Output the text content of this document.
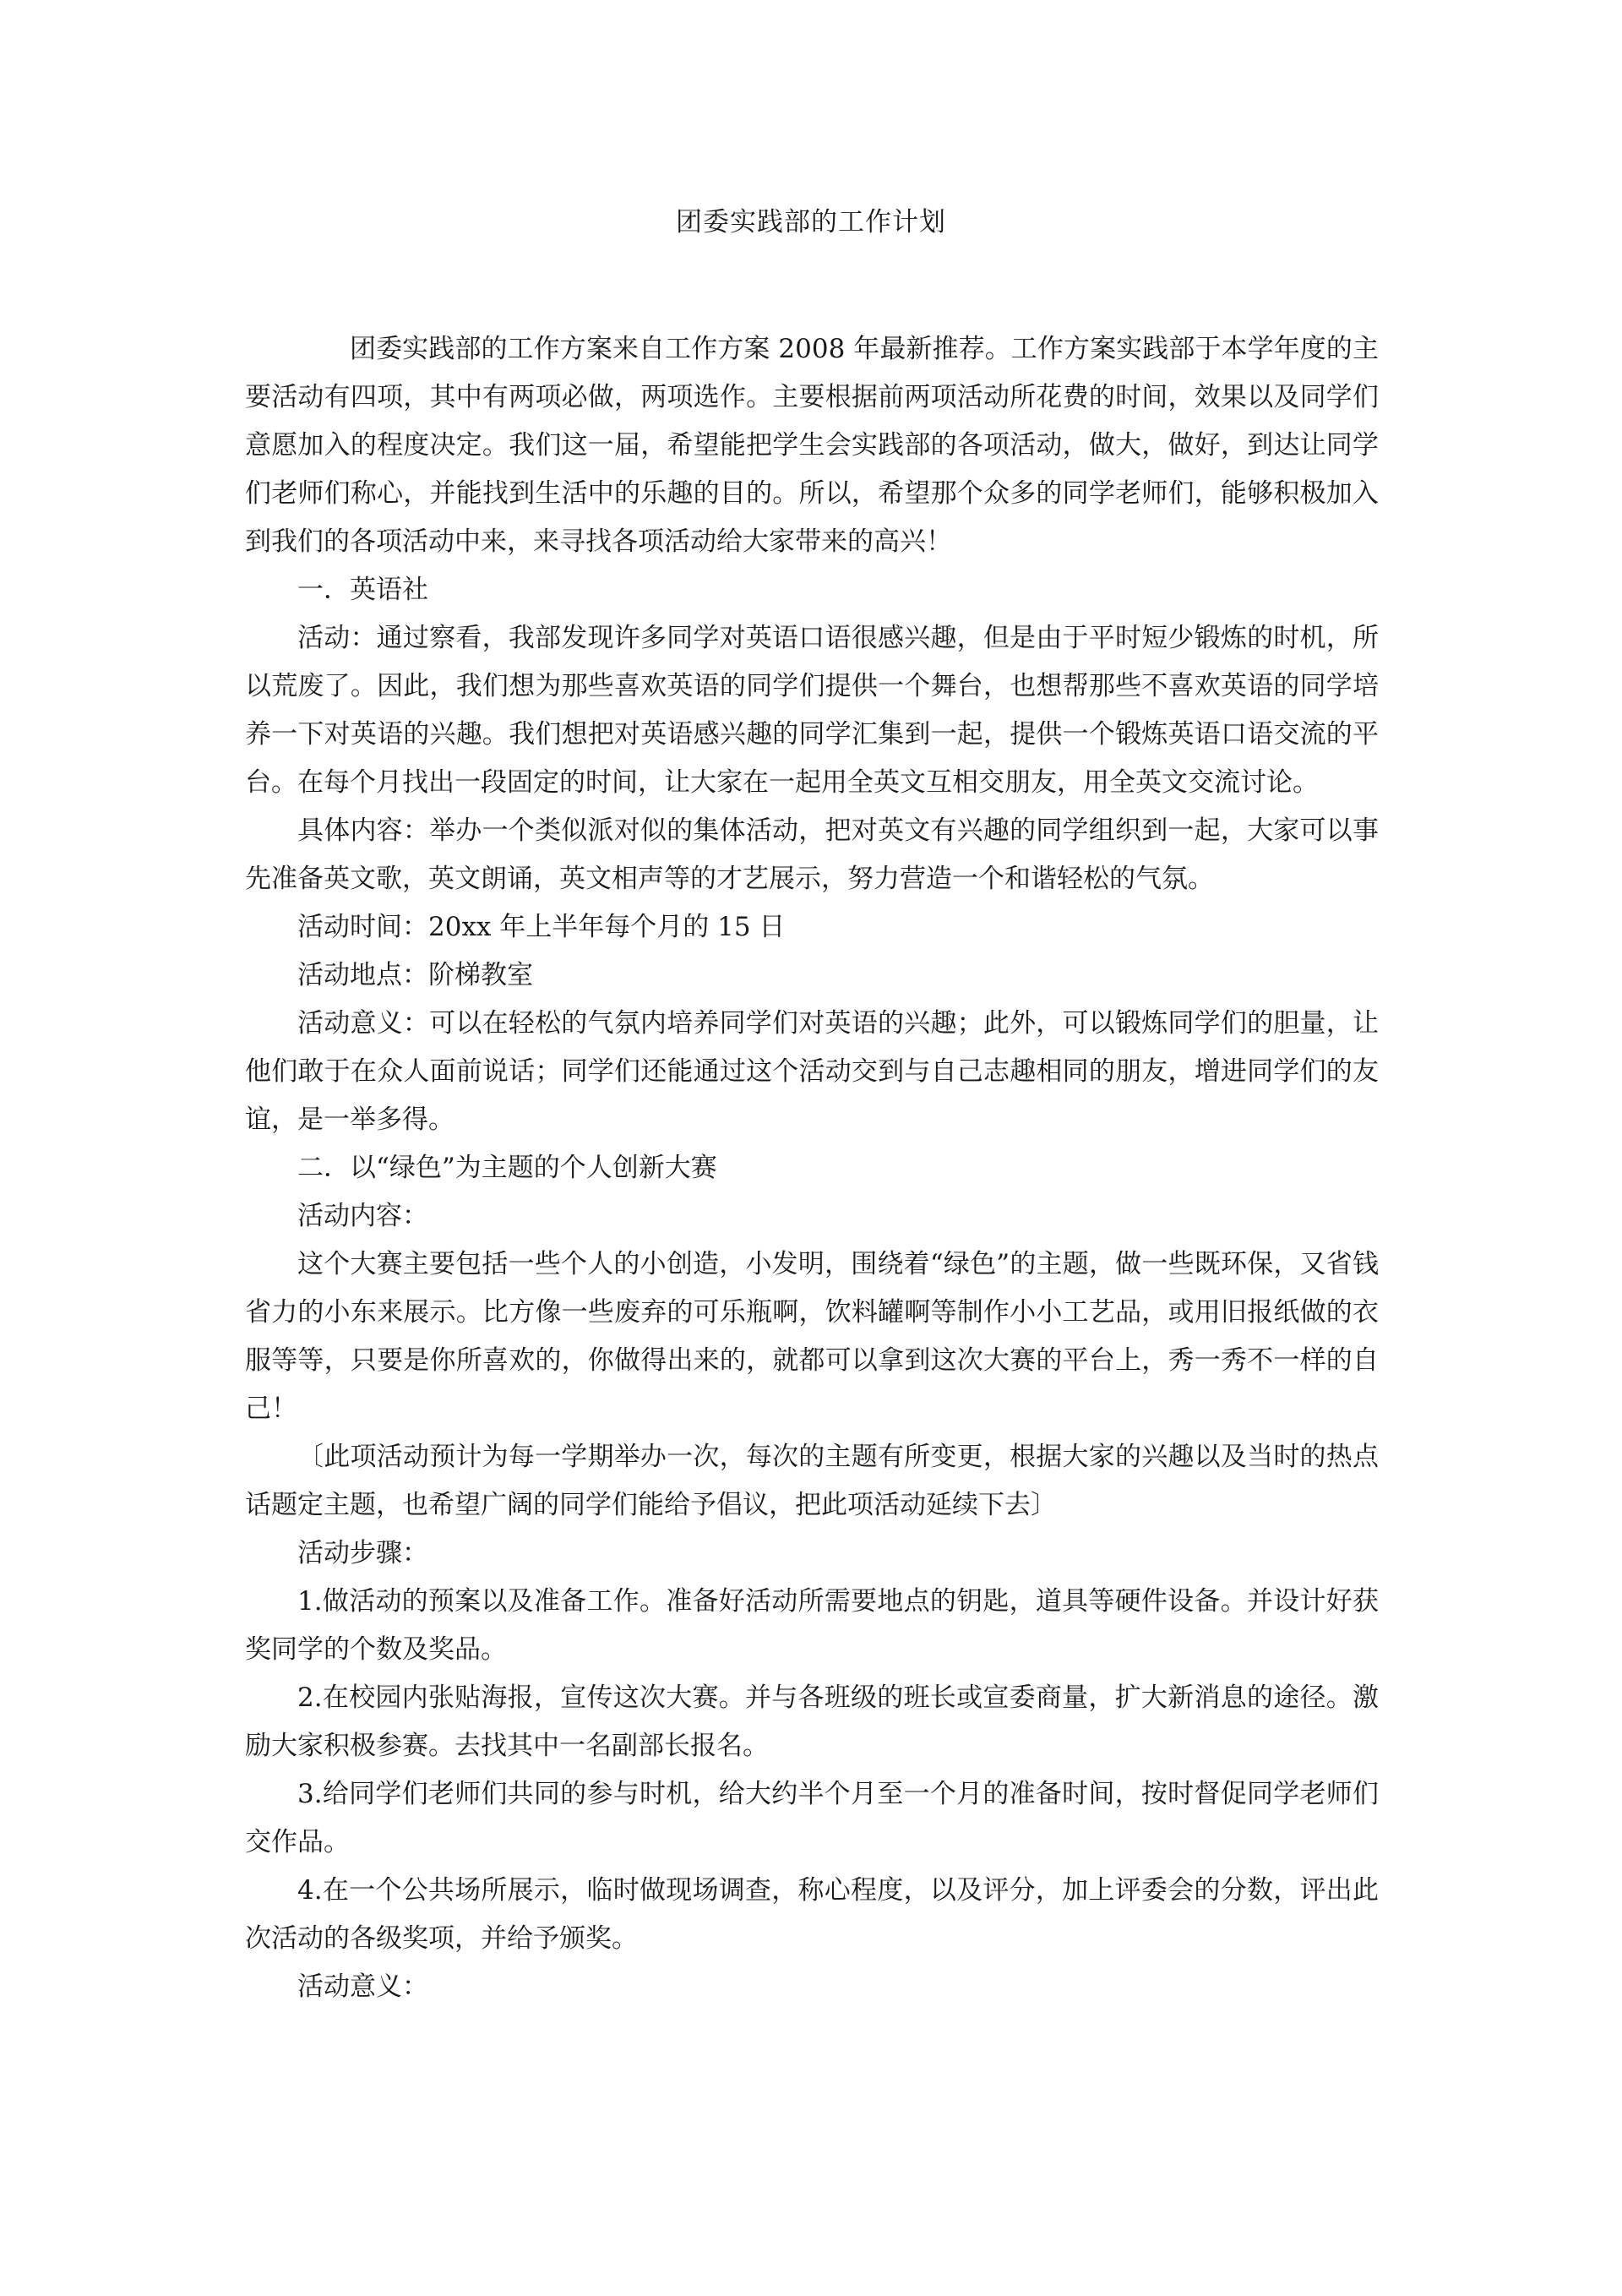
团委实践部的工作计划

团委实践部的工作方案来自工作方案 2008 年最新推荐。工作方案实践部于本学年度的主要活动有四项，其中有两项必做，两项选作。主要根据前两项活动所花费的时间，效果以及同学们意愿加入的程度决定。我们这一届，希望能把学生会实践部的各项活动，做大，做好，到达让同学们老师们称心，并能找到生活中的乐趣的目的。所以，希望那个众多的同学老师们，能够积极加入到我们的各项活动中来，来寻找各项活动给大家带来的高兴！

一．英语社

活动：通过察看，我部发现许多同学对英语口语很感兴趣，但是由于平时短少锻炼的时机，所以荒废了。因此，我们想为那些喜欢英语的同学们提供一个舞台，也想帮那些不喜欢英语的同学培养一下对英语的兴趣。我们想把对英语感兴趣的同学汇集到一起，提供一个锻炼英语口语交流的平台。在每个月找出一段固定的时间，让大家在一起用全英文互相交朋友，用全英文交流讨论。

具体内容：举办一个类似派对似的集体活动，把对英文有兴趣的同学组织到一起，大家可以事先准备英文歌，英文朗诵，英文相声等的才艺展示，努力营造一个和谐轻松的气氛。

活动时间：20xx 年上半年每个月的 15 日

活动地点：阶梯教室

活动意义：可以在轻松的气氛内培养同学们对英语的兴趣；此外，可以锻炼同学们的胆量，让他们敢于在众人面前说话；同学们还能通过这个活动交到与自己志趣相同的朋友，增进同学们的友谊，是一举多得。

二．以“绿色”为主题的个人创新大赛

活动内容：

这个大赛主要包括一些个人的小创造，小发明，围绕着“绿色”的主题，做一些既环保，又省钱省力的小东来展示。比方像一些废弃的可乐瓶啊，饮料罐啊等制作小小工艺品，或用旧报纸做的衣服等等，只要是你所喜欢的，你做得出来的，就都可以拿到这次大赛的平台上，秀一秀不一样的自己！

〔此项活动预计为每一学期举办一次，每次的主题有所变更，根据大家的兴趣以及当时的热点话题定主题，也希望广阔的同学们能给予倡议，把此项活动延续下去〕

活动步骤：

1.做活动的预案以及准备工作。准备好活动所需要地点的钥匙，道具等硬件设备。并设计好获奖同学的个数及奖品。

2.在校园内张贴海报，宣传这次大赛。并与各班级的班长或宣委商量，扩大新消息的途径。激励大家积极参赛。去找其中一名副部长报名。

3.给同学们老师们共同的参与时机，给大约半个月至一个月的准备时间，按时督促同学老师们交作品。

4.在一个公共场所展示，临时做现场调查，称心程度，以及评分，加上评委会的分数，评出此次活动的各级奖项，并给予颁奖。

活动意义：
